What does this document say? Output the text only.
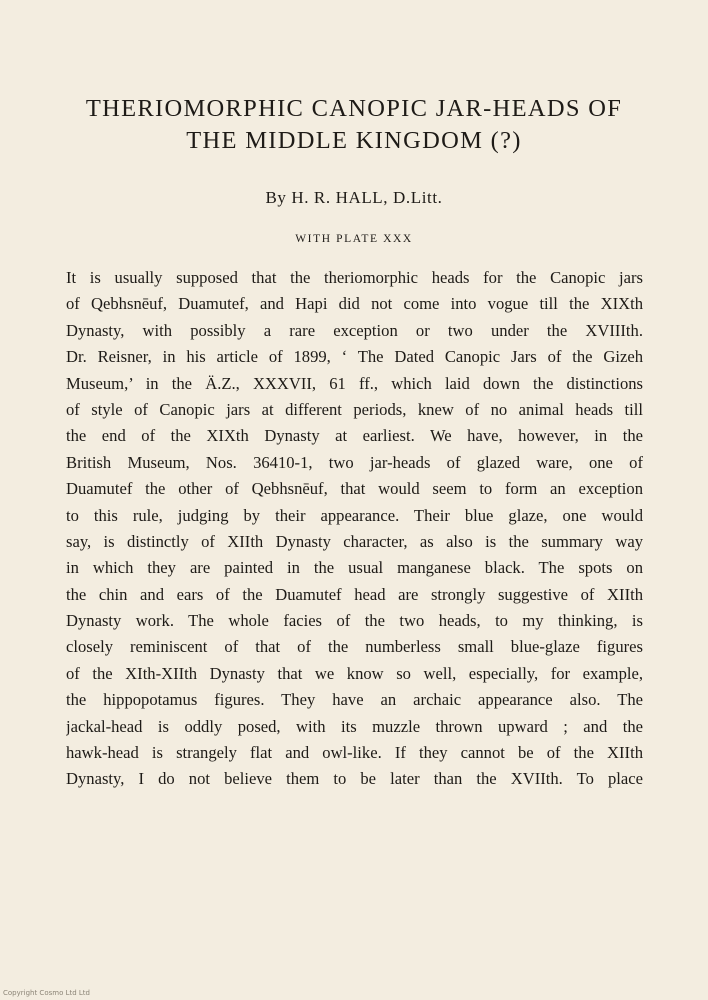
THERIOMORPHIC CANOPIC JAR-HEADS OF
THE MIDDLE KINGDOM (?)
By H. R. HALL, D.Litt.
WITH PLATE XXX
It is usually supposed that the theriomorphic heads for the Canopic jars
of Qebhsnēuf, Duamutef, and Hapi did not come into vogue till the XIXth
Dynasty, with possibly a rare exception or two under the XVIIIth.
Dr. Reisner, in his article of 1899, ‘ The Dated Canopic Jars of the Gizeh
Museum,’ in the Ä.Z., XXXVII, 61 ff., which laid down the distinctions
of style of Canopic jars at different periods, knew of no animal heads till
the end of the XIXth Dynasty at earliest. We have, however, in the
British Museum, Nos. 36410-1, two jar-heads of glazed ware, one of
Duamutef the other of Qebhsnēuf, that would seem to form an exception
to this rule, judging by their appearance. Their blue glaze, one would
say, is distinctly of XIIth Dynasty character, as also is the summary way
in which they are painted in the usual manganese black. The spots on
the chin and ears of the Duamutef head are strongly suggestive of XIIth
Dynasty work. The whole facies of the two heads, to my thinking, is
closely reminiscent of that of the numberless small blue-glaze figures
of the XIth-XIIth Dynasty that we know so well, especially, for example,
the hippopotamus figures. They have an archaic appearance also. The
jackal-head is oddly posed, with its muzzle thrown upward ; and the
hawk-head is strangely flat and owl-like. If they cannot be of the XIIth
Dynasty, I do not believe them to be later than the XVIIth. To place
Copyright Cosmo Ltd Ltd
